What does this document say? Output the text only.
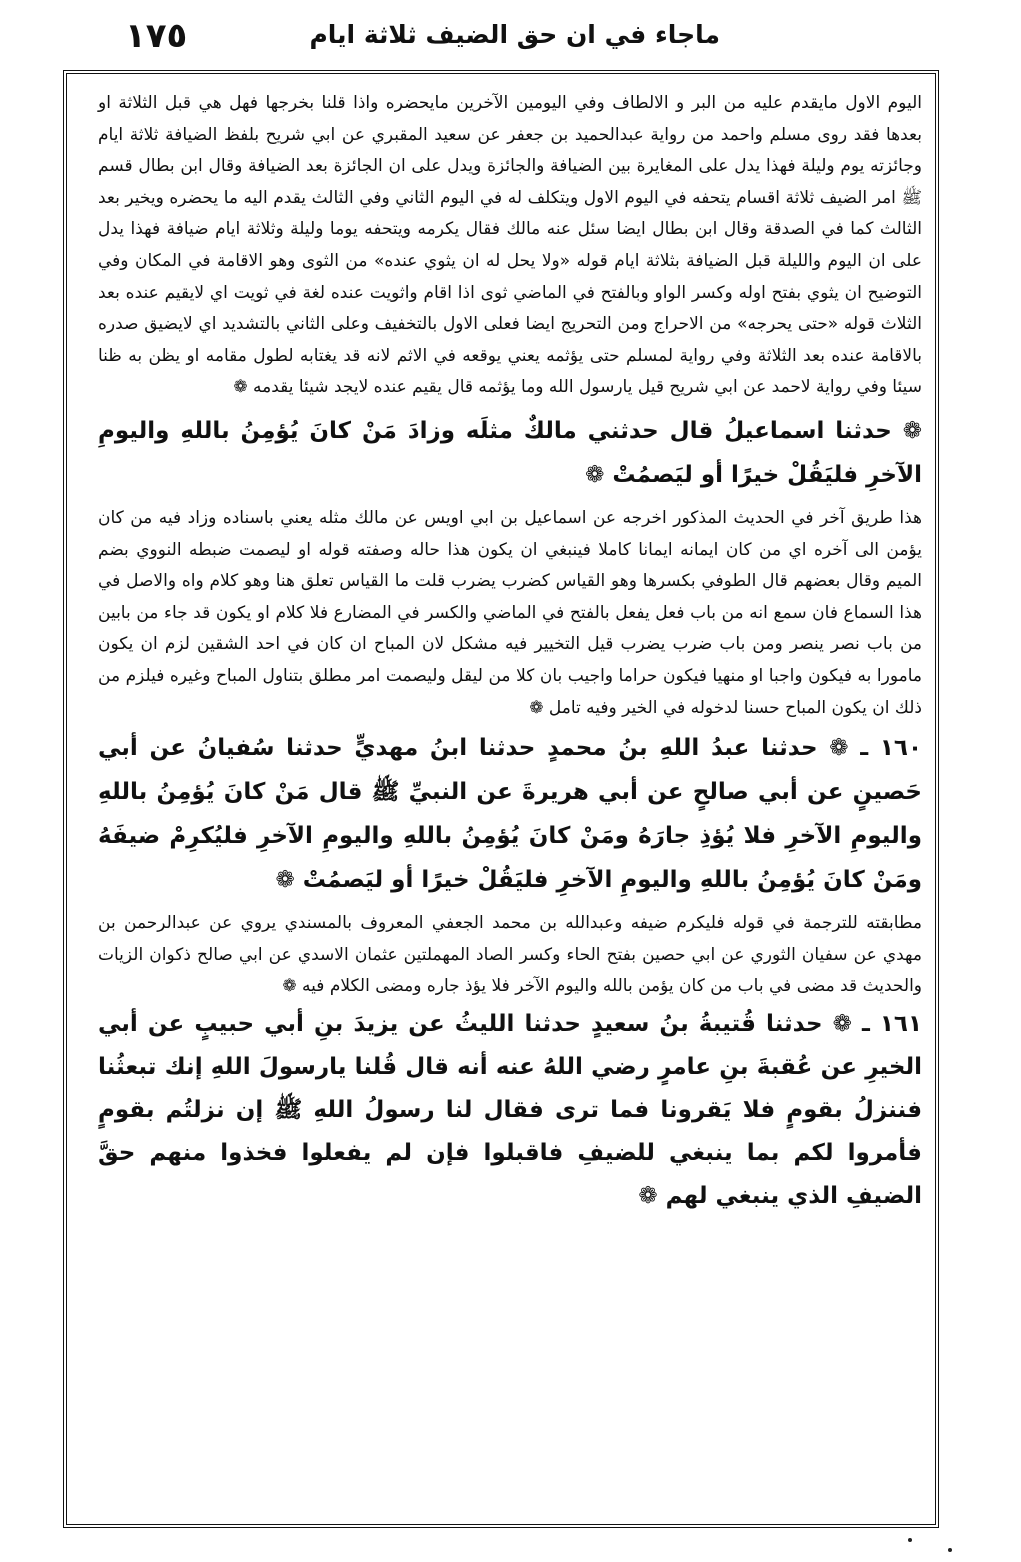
ماجاء في ان حق الضيف ثلاثة ايام
١٧٥

اليوم الاول مايقدم عليه من البر و الالطاف وفي اليومين الآخرين مايحضره واذا قلنا بخرجها فهل هي قبل الثلاثة او بعدها فقد روى مسلم واحمد من رواية عبدالحميد بن جعفر عن سعيد المقبري عن ابي شريح بلفظ الضيافة ثلاثة ايام وجائزته يوم وليلة فهذا يدل على المغايرة بين الضيافة والجائزة ويدل على ان الجائزة بعد الضيافة وقال ابن بطال قسم ﷺ امر الضيف ثلاثة اقسام يتحفه في اليوم الاول ويتكلف له في اليوم الثاني وفي الثالث يقدم اليه ما يحضره ويخير بعد الثالث كما في الصدقة وقال ابن بطال ايضا سئل عنه مالك فقال يكرمه ويتحفه يوما وليلة وثلاثة ايام ضيافة فهذا يدل على ان اليوم والليلة قبل الضيافة بثلاثة ايام قوله «ولا يحل له ان يثوي عنده» من الثوى وهو الاقامة في المكان وفي التوضيح ان يثوي بفتح اوله وكسر الواو وبالفتح في الماضي ثوى اذا اقام واثويت عنده لغة في ثويت اي لايقيم عنده بعد الثلاث قوله «حتى يحرجه» من الاحراج ومن التحريج ايضا فعلى الاول بالتخفيف وعلى الثاني بالتشديد اي لايضيق صدره بالاقامة عنده بعد الثلاثة وفي رواية لمسلم حتى يؤثمه يعني يوقعه في الاثم لانه قد يغتابه لطول مقامه او يظن به ظنا سيئا وفي رواية لاحمد عن ابي شريح قيل يارسول الله وما يؤثمه قال يقيم عنده لايجد شيئا يقدمه ❁

❁ حدثنا اسماعيلُ قال حدثني مالكٌ مثلَه وزادَ مَنْ كانَ يُؤمِنُ باللهِ واليومِ الآخرِ فليَقُلْ خيرًا أو ليَصمُتْ ❁

هذا طريق آخر في الحديث المذكور اخرجه عن اسماعيل بن ابي اويس عن مالك مثله يعني باسناده وزاد فيه من كان يؤمن الى آخره اي من كان ايمانه ايمانا كاملا فينبغي ان يكون هذا حاله وصفته قوله او ليصمت ضبطه النووي بضم الميم وقال بعضهم قال الطوفي بكسرها وهو القياس كضرب يضرب قلت ما القياس تعلق هنا وهو كلام واه والاصل في هذا السماع فان سمع انه من باب فعل يفعل بالفتح في الماضي والكسر في المضارع فلا كلام او يكون قد جاء من بابين من باب نصر ينصر ومن باب ضرب يضرب قيل التخيير فيه مشكل لان المباح ان كان في احد الشقين لزم ان يكون مامورا به فيكون واجبا او منهيا فيكون حراما واجيب بان كلا من ليقل وليصمت امر مطلق بتناول المباح وغيره فيلزم من ذلك ان يكون المباح حسنا لدخوله في الخير وفيه تامل ❁

١٦٠ ـ ❁ حدثنا عبدُ اللهِ بنُ محمدٍ حدثنا ابنُ مهديٍّ حدثنا سُفيانُ عن أبي حَصينٍ عن أبي صالحٍ عن أبي هريرةَ عن النبيِّ ﷺ قال مَنْ كانَ يُؤمِنُ باللهِ واليومِ الآخرِ فلا يُؤذِ جارَهُ ومَنْ كانَ يُؤمِنُ باللهِ واليومِ الآخرِ فليُكرِمْ ضيفَهُ ومَنْ كانَ يُؤمِنُ باللهِ واليومِ الآخرِ فليَقُلْ خيرًا أو ليَصمُتْ ❁

مطابقته للترجمة في قوله فليكرم ضيفه وعبدالله بن محمد الجعفي المعروف بالمسندي يروي عن عبدالرحمن بن مهدي عن سفيان الثوري عن ابي حصين بفتح الحاء وكسر الصاد المهملتين عثمان الاسدي عن ابي صالح ذكوان الزيات والحديث قد مضى في باب من كان يؤمن بالله واليوم الآخر فلا يؤذ جاره ومضى الكلام فيه ❁

١٦١ ـ ❁ حدثنا قُتيبةُ بنُ سعيدٍ حدثنا الليثُ عن يزيدَ بنِ أبي حبيبٍ عن أبي الخيرِ عن عُقبةَ بنِ عامرٍ رضي اللهُ عنه أنه قال قُلنا يارسولَ اللهِ إنك تبعثُنا فننزلُ بقومٍ فلا يَقرونا فما ترى فقال لنا رسولُ اللهِ ﷺ إن نزلتُم بقومٍ فأمروا لكم بما ينبغي للضيفِ فاقبلوا فإن لم يفعلوا فخذوا منهم حقَّ الضيفِ الذي ينبغي لهم ❁
